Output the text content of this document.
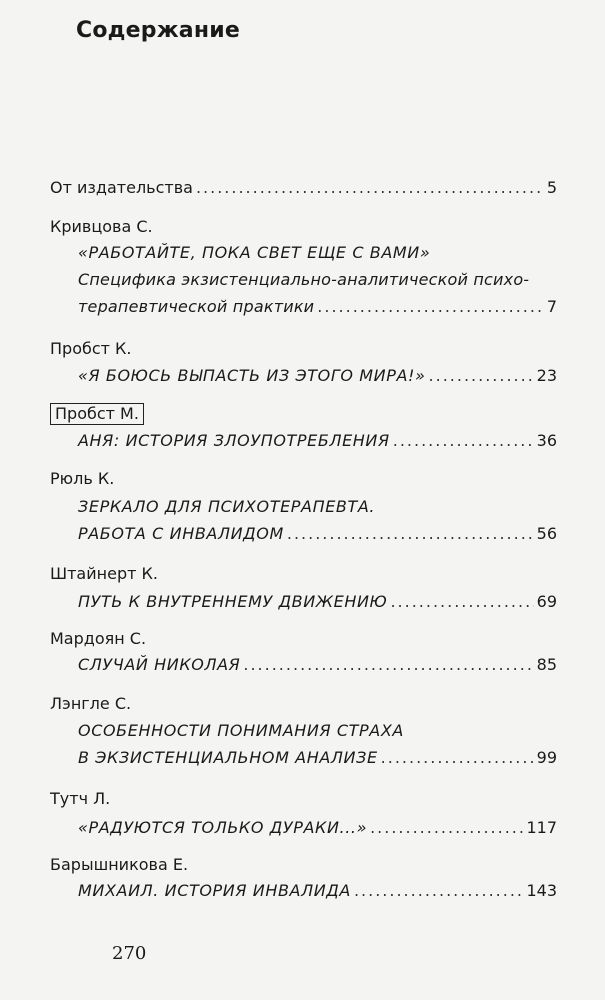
Содержание
От издательства .....	5
Кривцова С.
«РАБОТАЙТЕ, ПОКА СВЕТ ЕЩЕ С ВАМИ»
Специфика экзистенциально-аналитической психо-
терапевтической практики .....	7
Пробст К.
«Я БОЮСЬ ВЫПАСТЬ ИЗ ЭТОГО МИРА!» .....	23
Пробст М.
АНЯ: ИСТОРИЯ ЗЛОУПОТРЕБЛЕНИЯ .....	36
Рюль К.
ЗЕРКАЛО ДЛЯ ПСИХОТЕРАПЕВТА.
РАБОТА С ИНВАЛИДОМ .....	56
Штайнерт К.
ПУТЬ К ВНУТРЕННЕМУ ДВИЖЕНИЮ .....	69
Мардоян С.
СЛУЧАЙ НИКОЛАЯ .....	85
Лэнгле С.
ОСОБЕННОСТИ ПОНИМАНИЯ СТРАХА
В ЭКЗИСТЕНЦИАЛЬНОМ АНАЛИЗЕ .....	99
Тутч Л.
«РАДУЮТСЯ ТОЛЬКО ДУРАКИ...» .....	117
Барышникова Е.
МИХАИЛ. ИСТОРИЯ ИНВАЛИДА .....	143
270
